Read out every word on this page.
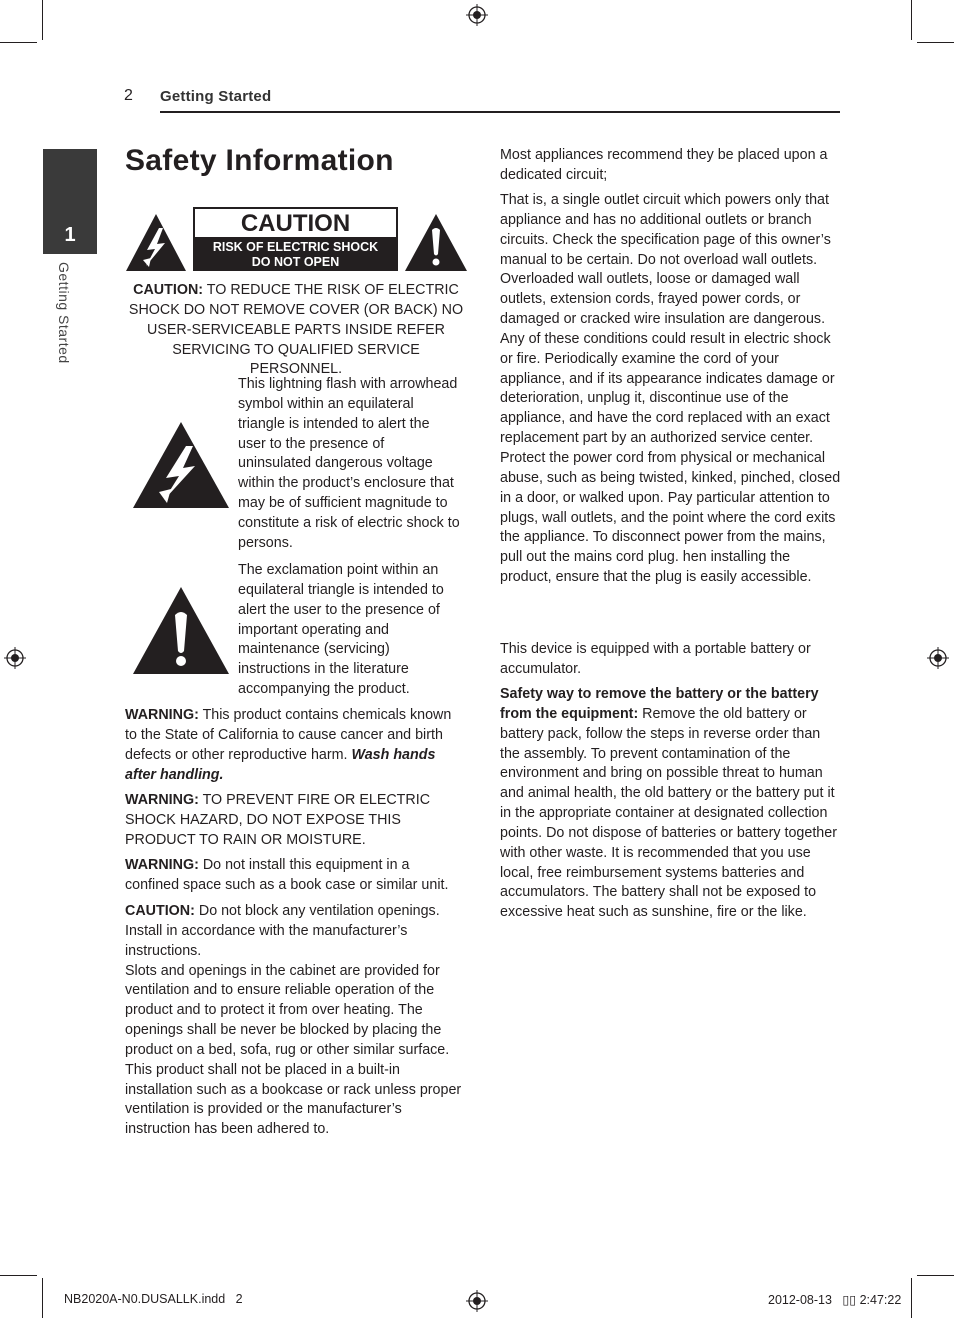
2 Getting Started
1
Getting Started
Safety Information
CAUTION
RISK OF ELECTRIC SHOCK
DO NOT OPEN
CAUTION: TO REDUCE THE RISK OF ELECTRIC SHOCK DO NOT REMOVE COVER (OR BACK) NO USER-SERVICEABLE PARTS INSIDE REFER SERVICING TO QUALIFIED SERVICE PERSONNEL.
This lightning flash with arrowhead symbol within an equilateral triangle is intended to alert the user to the presence of uninsulated dangerous voltage within the product’s enclosure that may be of sufficient magnitude to constitute a risk of electric shock to persons.
The exclamation point within an equilateral triangle is intended to alert the user to the presence of important operating and maintenance (servicing) instructions in the literature accompanying the product.
WARNING: This product contains chemicals known to the State of California to cause cancer and birth defects or other reproductive harm. Wash hands after handling.
WARNING: TO PREVENT FIRE OR ELECTRIC SHOCK HAZARD, DO NOT EXPOSE THIS PRODUCT TO RAIN OR MOISTURE.
WARNING: Do not install this equipment in a confined space such as a book case or similar unit.
CAUTION: Do not block any ventilation openings. Install in accordance with the manufacturer’s instructions.
Slots and openings in the cabinet are provided for ventilation and to ensure reliable operation of the product and to protect it from over heating. The openings shall be never be blocked by placing the product on a bed, sofa, rug or other similar surface. This product shall not be placed in a built-in installation such as a bookcase or rack unless proper ventilation is provided or the manufacturer’s instruction has been adhered to.
Most appliances recommend they be placed upon a dedicated circuit;
That is, a single outlet circuit which powers only that appliance and has no additional outlets or branch circuits. Check the specification page of this owner’s manual to be certain. Do not overload wall outlets. Overloaded wall outlets, loose or damaged wall outlets, extension cords, frayed power cords, or damaged or cracked wire insulation are dangerous. Any of these conditions could result in electric shock or fire. Periodically examine the cord of your appliance, and if its appearance indicates damage or deterioration, unplug it, discontinue use of the appliance, and have the cord replaced with an exact replacement part by an authorized service center. Protect the power cord from physical or mechanical abuse, such as being twisted, kinked, pinched, closed in a door, or walked upon. Pay particular attention to plugs, wall outlets, and the point where the cord exits the appliance. To disconnect power from the mains, pull out the mains cord plug. hen installing the product, ensure that the plug is easily accessible.
This device is equipped with a portable battery or accumulator.
Safety way to remove the battery or the battery from the equipment: Remove the old battery or battery pack, follow the steps in reverse order than the assembly. To prevent contamination of the environment and bring on possible threat to human and animal health, the old battery or the battery put it in the appropriate container at designated collection points. Do not dispose of batteries or battery together with other waste. It is recommended that you use local, free reimbursement systems batteries and accumulators. The battery shall not be exposed to excessive heat such as sunshine, fire or the like.
NB2020A-N0.DUSALLK.indd   2	2012-08-13   ▯▯ 2:47:22
